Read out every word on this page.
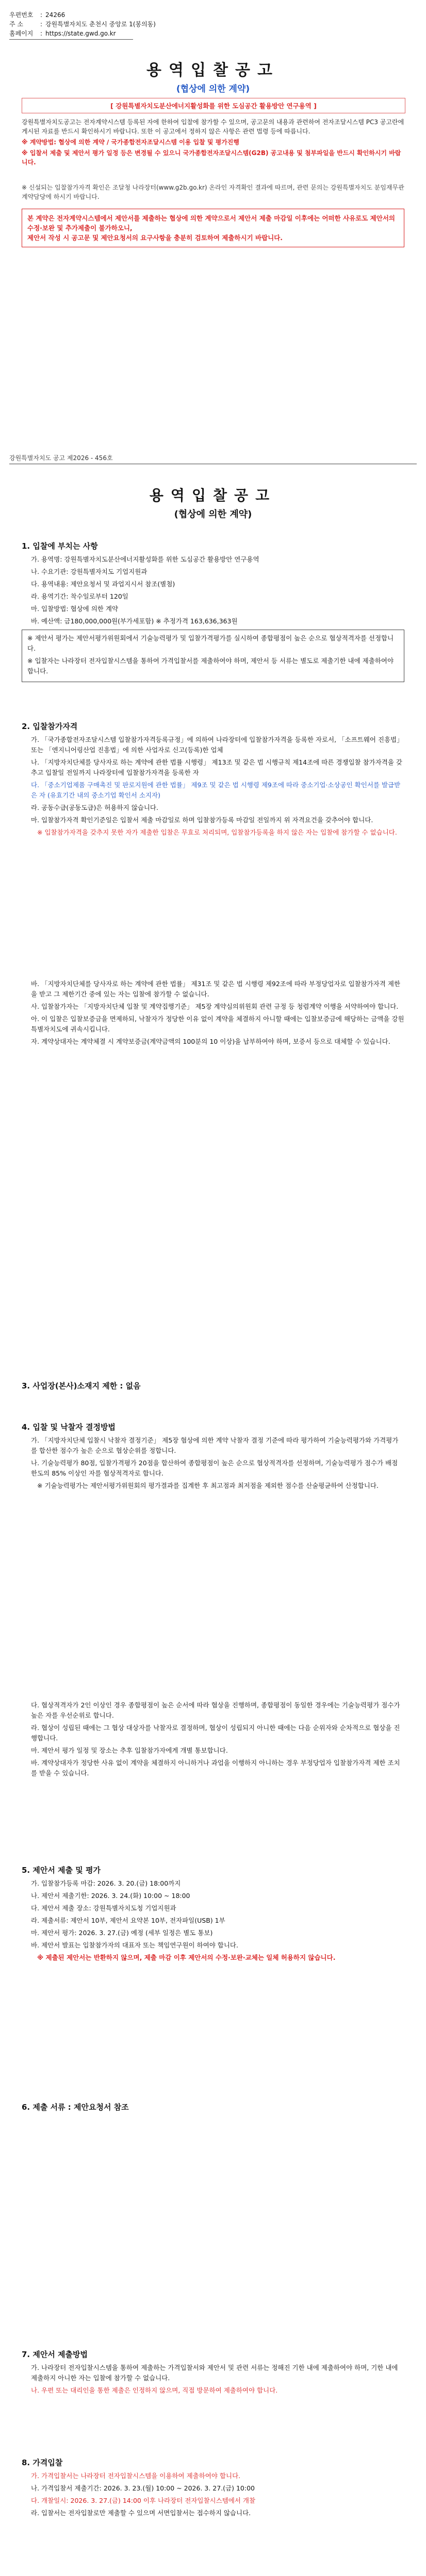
우편번호 : 24266
주 소	: 강원특별자치도 춘천시 중앙로 1(봉의동)
홈페이지 : https://state.gwd.go.kr
용역입찰공고
(협상에 의한 계약)
[ 강원특별자치도분산에너지활성화를 위한 도심공간 활용방안 연구용역 ]

강원특별자치도공고는 전자계약시스템 등록된 자에 한하여 입찰에 참가할 수 있으며, 공고문의 내용과 관련하여 전자조달시스템 PC3 공고란에 게시된 자료를 반드시 확인하시기 바랍니다. 또한 이 공고에서 정하지 않은 사항은 관련 법령 등에 따릅니다.

※ 계약방법: 협상에 의한 계약 / 국가종합전자조달시스템 이용 입찰 및 평가진행

※ 입찰서 제출 및 제안서 평가 일정 등은 변경될 수 있으니 국가종합전자조달시스템(G2B) 공고내용 및 첨부파일을 반드시 확인하시기 바랍니다.

※ 신설되는 입찰참가자격 확인은 조달청 나라장터(www.g2b.go.kr) 온라인 자격확인 결과에 따르며, 관련 문의는 강원특별자치도 분임재무관 계약담당에 하시기 바랍니다.
본 계약은 전자계약시스템에서 제안서를 제출하는 협상에 의한 계약으로서 제안서 제출 마감일 이후에는 어떠한 사유로도 제안서의 수정·보완 및 추가제출이 불가하오니,
제안서 작성 시 공고문 및 제안요청서의 요구사항을 충분히 검토하여 제출하시기 바랍니다.
강원특별자치도 공고 제2026 - 456호
용역입찰공고
(협상에 의한 계약)
1. 입찰에 부치는 사항

가. 용역명: 강원특별자치도분산에너지활성화를 위한 도심공간 활용방안 연구용역

나. 수요기관: 강원특별자치도 기업지원과

다. 용역내용: 제안요청서 및 과업지시서 참조(별첨)

라. 용역기간: 착수일로부터 120일

마. 입찰방법: 협상에 의한 계약

바. 예산액: 금180,000,000원(부가세포함) ※ 추정가격 163,636,363원

※ 제안서 평가는 제안서평가위원회에서 기술능력평가 및 입찰가격평가를 실시하여 종합평점이 높은 순으로 협상적격자를 선정합니다.

※ 입찰자는 나라장터 전자입찰시스템을 통하여 가격입찰서를 제출하여야 하며, 제안서 등 서류는 별도로 제출기한 내에 제출하여야 합니다.

2. 입찰참가자격

가. 「국가종합전자조달시스템 입찰참가자격등록규정」에 의하여 나라장터에 입찰참가자격을 등록한 자로서, 「소프트웨어 진흥법」 또는 「엔지니어링산업 진흥법」에 의한 사업자로 신고(등록)한 업체

나. 「지방자치단체를 당사자로 하는 계약에 관한 법률 시행령」 제13조 및 같은 법 시행규칙 제14조에 따른 경쟁입찰 참가자격을 갖추고 입찰일 전일까지 나라장터에 입찰참가자격을 등록한 자

다. 「중소기업제품 구매촉진 및 판로지원에 관한 법률」 제9조 및 같은 법 시행령 제9조에 따라 중소기업·소상공인 확인서를 발급받은 자 (유효기간 내의 중소기업 확인서 소지자)

라. 공동수급(공동도급)은 허용하지 않습니다.

마. 입찰참가자격 확인기준일은 입찰서 제출 마감일로 하며 입찰참가등록 마감일 전일까지 위 자격요건을 갖추어야 합니다.

※ 입찰참가자격을 갖추지 못한 자가 제출한 입찰은 무효로 처리되며, 입찰참가등록을 하지 않은 자는 입찰에 참가할 수 없습니다.

바. 「지방자치단체를 당사자로 하는 계약에 관한 법률」 제31조 및 같은 법 시행령 제92조에 따라 부정당업자로 입찰참가자격 제한을 받고 그 제한기간 중에 있는 자는 입찰에 참가할 수 없습니다.

사. 입찰참가자는 「지방자치단체 입찰 및 계약집행기준」 제5장 계약심의위원회 관련 규정 등 청렴계약 이행을 서약하여야 합니다.

아. 이 입찰은 입찰보증금을 면제하되, 낙찰자가 정당한 이유 없이 계약을 체결하지 아니할 때에는 입찰보증금에 해당하는 금액을 강원특별자치도에 귀속시킵니다.

자. 계약상대자는 계약체결 시 계약보증금(계약금액의 100분의 10 이상)을 납부하여야 하며, 보증서 등으로 대체할 수 있습니다.

3. 사업장(본사)소재지 제한 : 없음
4. 입찰 및 낙찰자 결정방법

가. 「지방자치단체 입찰시 낙찰자 결정기준」 제5장 협상에 의한 계약 낙찰자 결정 기준에 따라 평가하여 기술능력평가와 가격평가를 합산한 점수가 높은 순으로 협상순위를 정합니다.

나. 기술능력평가 80점, 입찰가격평가 20점을 합산하여 종합평점이 높은 순으로 협상적격자를 선정하며, 기술능력평가 점수가 배점 한도의 85% 이상인 자를 협상적격자로 합니다.

※ 기술능력평가는 제안서평가위원회의 평가결과를 집계한 후 최고점과 최저점을 제외한 점수를 산술평균하여 산정합니다.

다. 협상적격자가 2인 이상인 경우 종합평점이 높은 순서에 따라 협상을 진행하며, 종합평점이 동일한 경우에는 기술능력평가 점수가 높은 자를 우선순위로 합니다.

라. 협상이 성립된 때에는 그 협상 대상자를 낙찰자로 결정하며, 협상이 성립되지 아니한 때에는 다음 순위자와 순차적으로 협상을 진행합니다.

마. 제안서 평가 일정 및 장소는 추후 입찰참가자에게 개별 통보합니다.

바. 계약상대자가 정당한 사유 없이 계약을 체결하지 아니하거나 과업을 이행하지 아니하는 경우 부정당업자 입찰참가자격 제한 조치를 받을 수 있습니다.

5. 제안서 제출 및 평가

가. 입찰참가등록 마감: 2026. 3. 20.(금) 18:00까지

나. 제안서 제출기한: 2026. 3. 24.(화) 10:00 ~ 18:00

다. 제안서 제출 장소: 강원특별자치도청 기업지원과

라. 제출서류: 제안서 10부, 제안서 요약본 10부, 전자파일(USB) 1부

마. 제안서 평가: 2026. 3. 27.(금) 예정 (세부 일정은 별도 통보)

바. 제안서 발표는 입찰참가자의 대표자 또는 책임연구원이 하여야 합니다.

※ 제출된 제안서는 반환하지 않으며, 제출 마감 이후 제안서의 수정·보완·교체는 일체 허용하지 않습니다.

6. 제출 서류 : 제안요청서 참조
7. 제안서 제출방법

가. 나라장터 전자입찰시스템을 통하여 제출하는 가격입찰서와 제안서 및 관련 서류는 정해진 기한 내에 제출하여야 하며, 기한 내에 제출하지 아니한 자는 입찰에 참가할 수 없습니다.

나. 우편 또는 대리인을 통한 제출은 인정하지 않으며, 직접 방문하여 제출하여야 합니다.

8. 가격입찰

가. 가격입찰서는 나라장터 전자입찰시스템을 이용하여 제출하여야 합니다.

나. 가격입찰서 제출기간: 2026. 3. 23.(월) 10:00 ~ 2026. 3. 27.(금) 10:00

다. 개찰일시: 2026. 3. 27.(금) 14:00 이후 나라장터 전자입찰시스템에서 개찰

라. 입찰서는 전자입찰로만 제출할 수 있으며 서면입찰서는 접수하지 않습니다.
